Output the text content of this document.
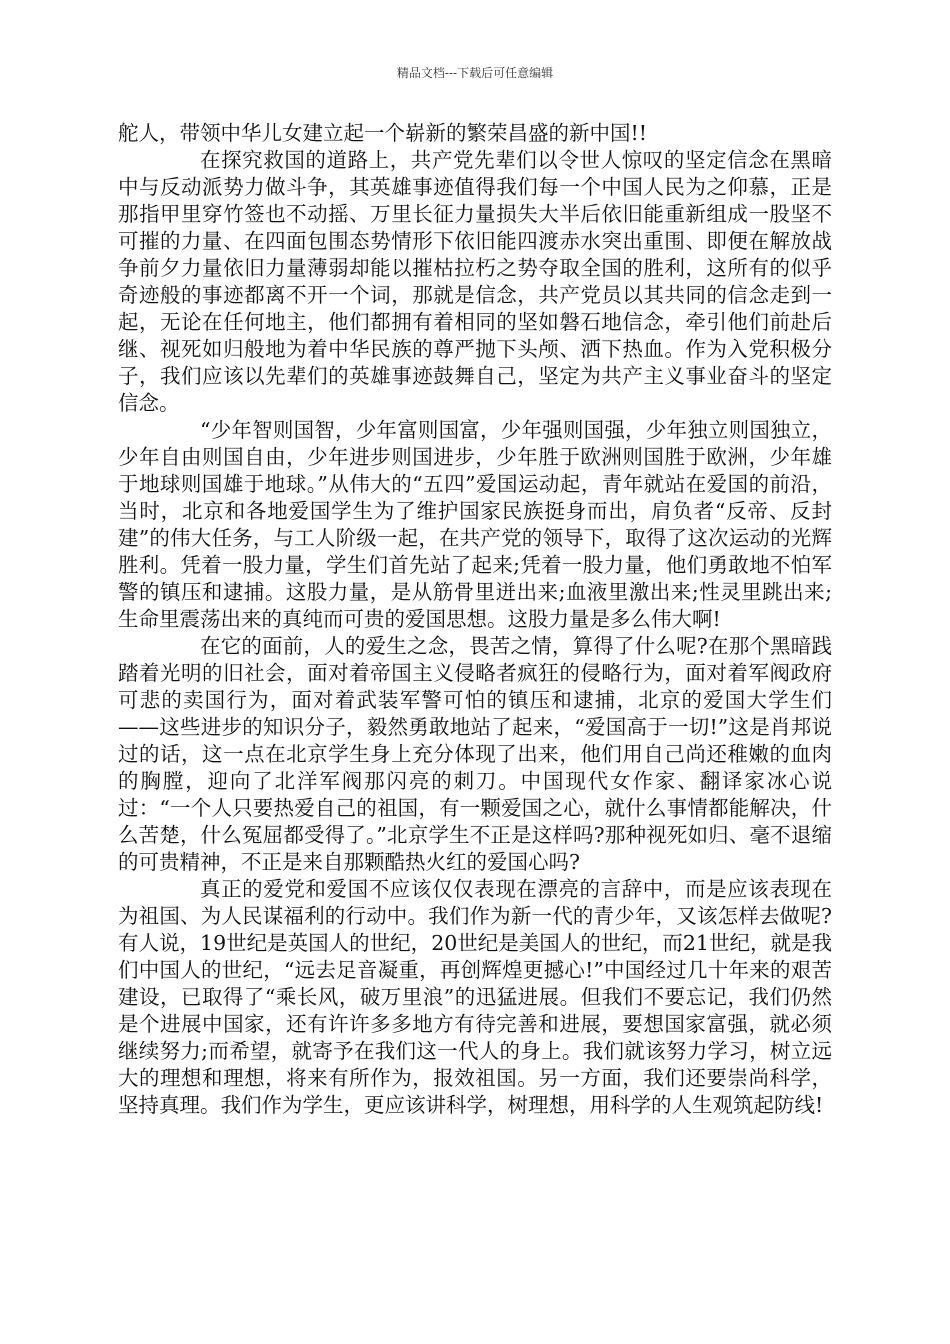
精品文档---下载后可任意编辑

舵人，带领中华儿女建立起一个崭新的繁荣昌盛的新中国!!

在探究救国的道路上，共产党先辈们以令世人惊叹的坚定信念在黑暗中与反动派势力做斗争，其英雄事迹值得我们每一个中国人民为之仰慕，正是那指甲里穿竹签也不动摇、万里长征力量损失大半后依旧能重新组成一股坚不可摧的力量、在四面包围态势情形下依旧能四渡赤水突出重围、即便在解放战争前夕力量依旧力量薄弱却能以摧枯拉朽之势夺取全国的胜利，这所有的似乎奇迹般的事迹都离不开一个词，那就是信念，共产党员以其共同的信念走到一起，无论在任何地主，他们都拥有着相同的坚如磐石地信念，牵引他们前赴后继、视死如归般地为着中华民族的尊严抛下头颅、洒下热血。作为入党积极分子，我们应该以先辈们的英雄事迹鼓舞自己，坚定为共产主义事业奋斗的坚定信念。

“少年智则国智，少年富则国富，少年强则国强，少年独立则国独立，少年自由则国自由，少年进步则国进步，少年胜于欧洲则国胜于欧洲，少年雄于地球则国雄于地球。”从伟大的“五四”爱国运动起，青年就站在爱国的前沿，当时，北京和各地爱国学生为了维护国家民族挺身而出，肩负者“反帝、反封建”的伟大任务，与工人阶级一起，在共产党的领导下，取得了这次运动的光辉胜利。凭着一股力量，学生们首先站了起来;凭着一股力量，他们勇敢地不怕军警的镇压和逮捕。这股力量，是从筋骨里迸出来;血液里激出来;性灵里跳出来;生命里震荡出来的真纯而可贵的爱国思想。这股力量是多么伟大啊!

在它的面前，人的爱生之念，畏苦之情，算得了什么呢?在那个黑暗践踏着光明的旧社会，面对着帝国主义侵略者疯狂的侵略行为，面对着军阀政府可悲的卖国行为，面对着武装军警可怕的镇压和逮捕，北京的爱国大学生们——这些进步的知识分子，毅然勇敢地站了起来，“爱国高于一切!”这是肖邦说过的话，这一点在北京学生身上充分体现了出来，他们用自己尚还稚嫩的血肉的胸膛，迎向了北洋军阀那闪亮的刺刀。中国现代女作家、翻译家冰心说过：“一个人只要热爱自己的祖国，有一颗爱国之心，就什么事情都能解决，什么苦楚，什么冤屈都受得了。”北京学生不正是这样吗?那种视死如归、毫不退缩的可贵精神，不正是来自那颗酷热火红的爱国心吗?

真正的爱党和爱国不应该仅仅表现在漂亮的言辞中，而是应该表现在为祖国、为人民谋福利的行动中。我们作为新一代的青少年，又该怎样去做呢?有人说，19世纪是英国人的世纪，20世纪是美国人的世纪，而21世纪，就是我们中国人的世纪，“远去足音凝重，再创辉煌更撼心!”中国经过几十年来的艰苦建设，已取得了“乘长风，破万里浪”的迅猛进展。但我们不要忘记，我们仍然是个进展中国家，还有许许多多地方有待完善和进展，要想国家富强，就必须继续努力;而希望，就寄予在我们这一代人的身上。我们就该努力学习，树立远大的理想和理想，将来有所作为，报效祖国。另一方面，我们还要崇尚科学，坚持真理。我们作为学生，更应该讲科学，树理想，用科学的人生观筑起防线!
